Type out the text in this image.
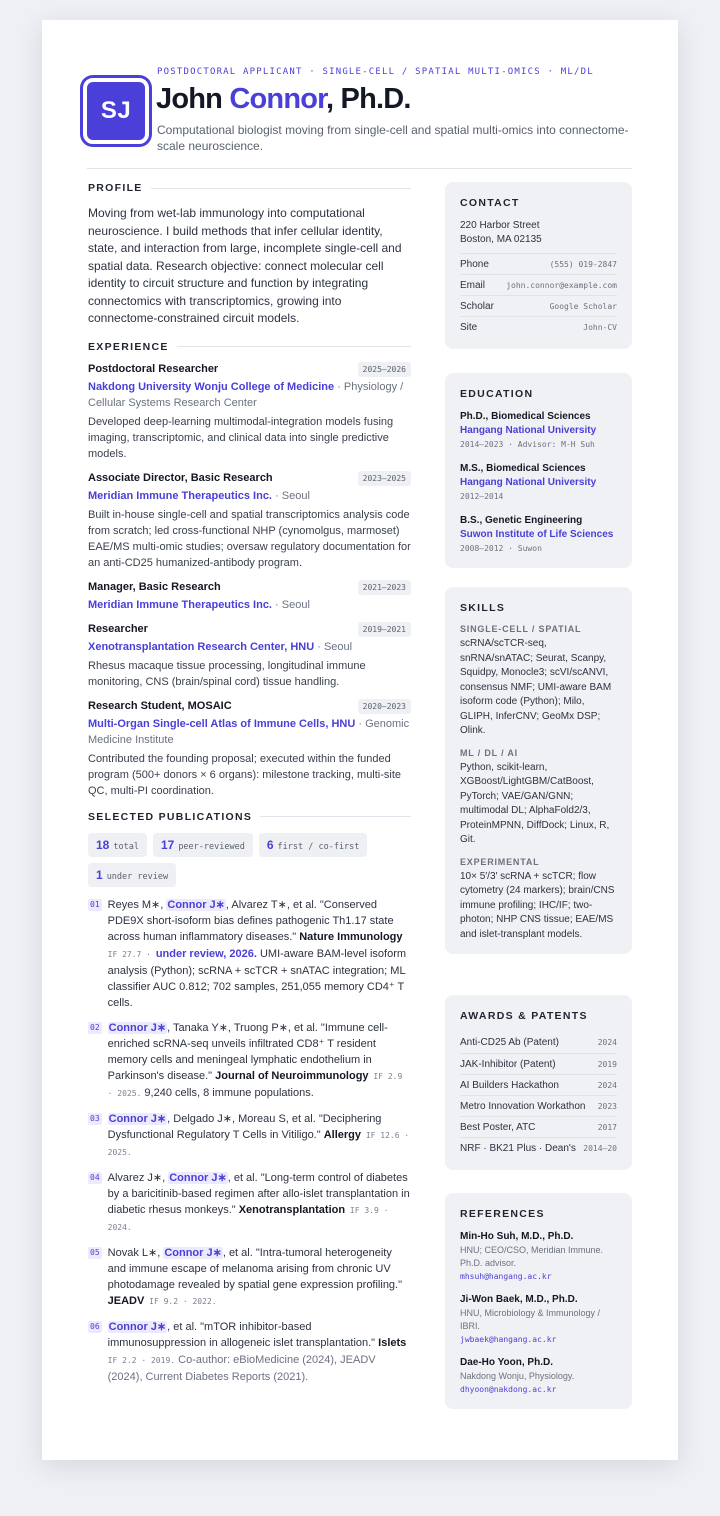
SJ
POSTDOCTORAL APPLICANT · SINGLE-CELL / SPATIAL MULTI-OMICS · ML/DL
John Connor, Ph.D.
Computational biologist moving from single-cell and spatial multi-omics into connectome-scale neuroscience.
PROFILE

Moving from wet-lab immunology into computational neuroscience. I build methods that infer cellular identity, state, and interaction from large, incomplete single-cell and spatial data. Research objective: connect molecular cell identity to circuit structure and function by integrating connectomics with transcriptomics, growing into connectome-constrained circuit models.

EXPERIENCE
Postdoctoral Researcher	2025–2026
Nakdong University Wonju College of Medicine · Physiology / Cellular Systems Research Center
Developed deep-learning multimodal-integration models fusing imaging, transcriptomic, and clinical data into single predictive models.
Associate Director, Basic Research	2023–2025
Meridian Immune Therapeutics Inc. · Seoul
Built in-house single-cell and spatial transcriptomics analysis code from scratch; led cross-functional NHP (cynomolgus, marmoset) EAE/MS multi-omic studies; oversaw regulatory documentation for an anti-CD25 humanized-antibody program.
Manager, Basic Research	2021–2023
Meridian Immune Therapeutics Inc. · Seoul
Researcher	2019–2021
Xenotransplantation Research Center, HNU · Seoul
Rhesus macaque tissue processing, longitudinal immune monitoring, CNS (brain/spinal cord) tissue handling.
Research Student, MOSAIC	2020–2023
Multi-Organ Single-cell Atlas of Immune Cells, HNU · Genomic Medicine Institute
Contributed the founding proposal; executed within the funded program (500+ donors × 6 organs): milestone tracking, multi-site QC, multi-PI coordination.
SELECTED PUBLICATIONS
18 total 17 peer-reviewed 6 first / co-first
1 under review
01 Reyes M∗, Connor J∗, Alvarez T∗, et al. "Conserved PDE9X short-isoform bias defines pathogenic Th1.17 state across human inflammatory diseases." Nature Immunology IF 27.7 · under review, 2026. UMI-aware BAM-level isoform analysis (Python); scRNA + scTCR + snATAC integration; ML classifier AUC 0.812; 702 samples, 251,055 memory CD4⁺ T cells.
02 Connor J∗, Tanaka Y∗, Truong P∗, et al. "Immune cell-enriched scRNA-seq unveils infiltrated CD8⁺ T resident memory cells and meningeal lymphatic endothelium in Parkinson's disease." Journal of Neuroimmunology IF 2.9 · 2025. 9,240 cells, 8 immune populations.
03 Connor J∗, Delgado J∗, Moreau S, et al. "Deciphering Dysfunctional Regulatory T Cells in Vitiligo." Allergy IF 12.6 · 2025.
04 Alvarez J∗, Connor J∗, et al. "Long-term control of diabetes by a baricitinib-based regimen after allo-islet transplantation in diabetic rhesus monkeys." Xenotransplantation IF 3.9 · 2024.
05 Novak L∗, Connor J∗, et al. "Intra-tumoral heterogeneity and immune escape of melanoma arising from chronic UV photodamage revealed by spatial gene expression profiling." JEADV IF 9.2 · 2022.
06 Connor J∗, et al. "mTOR inhibitor-based immunosuppression in allogeneic islet transplantation." Islets IF 2.2 · 2019. Co-author: eBioMedicine (2024), JEADV (2024), Current Diabetes Reports (2021).
CONTACT
220 Harbor Street
Boston, MA 02135
Phone	(555) 019-2847
Email	john.connor@example.com
Scholar	Google Scholar
Site	John-CV
EDUCATION
Ph.D., Biomedical Sciences
Hangang National University
2014–2023 · Advisor: M-H Suh
M.S., Biomedical Sciences
Hangang National University
2012–2014
B.S., Genetic Engineering
Suwon Institute of Life Sciences
2008–2012 · Suwon
SKILLS
SINGLE-CELL / SPATIAL
scRNA/scTCR-seq, snRNA/snATAC; Seurat, Scanpy, Squidpy, Monocle3; scVI/scANVI, consensus NMF; UMI-aware BAM isoform code (Python); Milo, GLIPH, InferCNV; GeoMx DSP; Olink.
ML / DL / AI
Python, scikit-learn, XGBoost/LightGBM/CatBoost, PyTorch; VAE/GAN/GNN; multimodal DL; AlphaFold2/3, ProteinMPNN, DiffDock; Linux, R, Git.
EXPERIMENTAL
10× 5′/3′ scRNA + scTCR; flow cytometry (24 markers); brain/CNS immune profiling; IHC/IF; two-photon; NHP CNS tissue; EAE/MS and islet-transplant models.
AWARDS & PATENTS
Anti-CD25 Ab (Patent)	2024
JAK-Inhibitor (Patent)	2019
AI Builders Hackathon	2024
Metro Innovation Workathon 2023
Best Poster, ATC	2017
NRF · BK21 Plus · Dean's 2014–20
REFERENCES
Min-Ho Suh, M.D., Ph.D.
HNU; CEO/CSO, Meridian Immune. Ph.D. advisor.
mhsuh@hangang.ac.kr
Ji-Won Baek, M.D., Ph.D.
HNU, Microbiology & Immunology / IBRI.
jwbaek@hangang.ac.kr
Dae-Ho Yoon, Ph.D.
Nakdong Wonju, Physiology.
dhyoon@nakdong.ac.kr
